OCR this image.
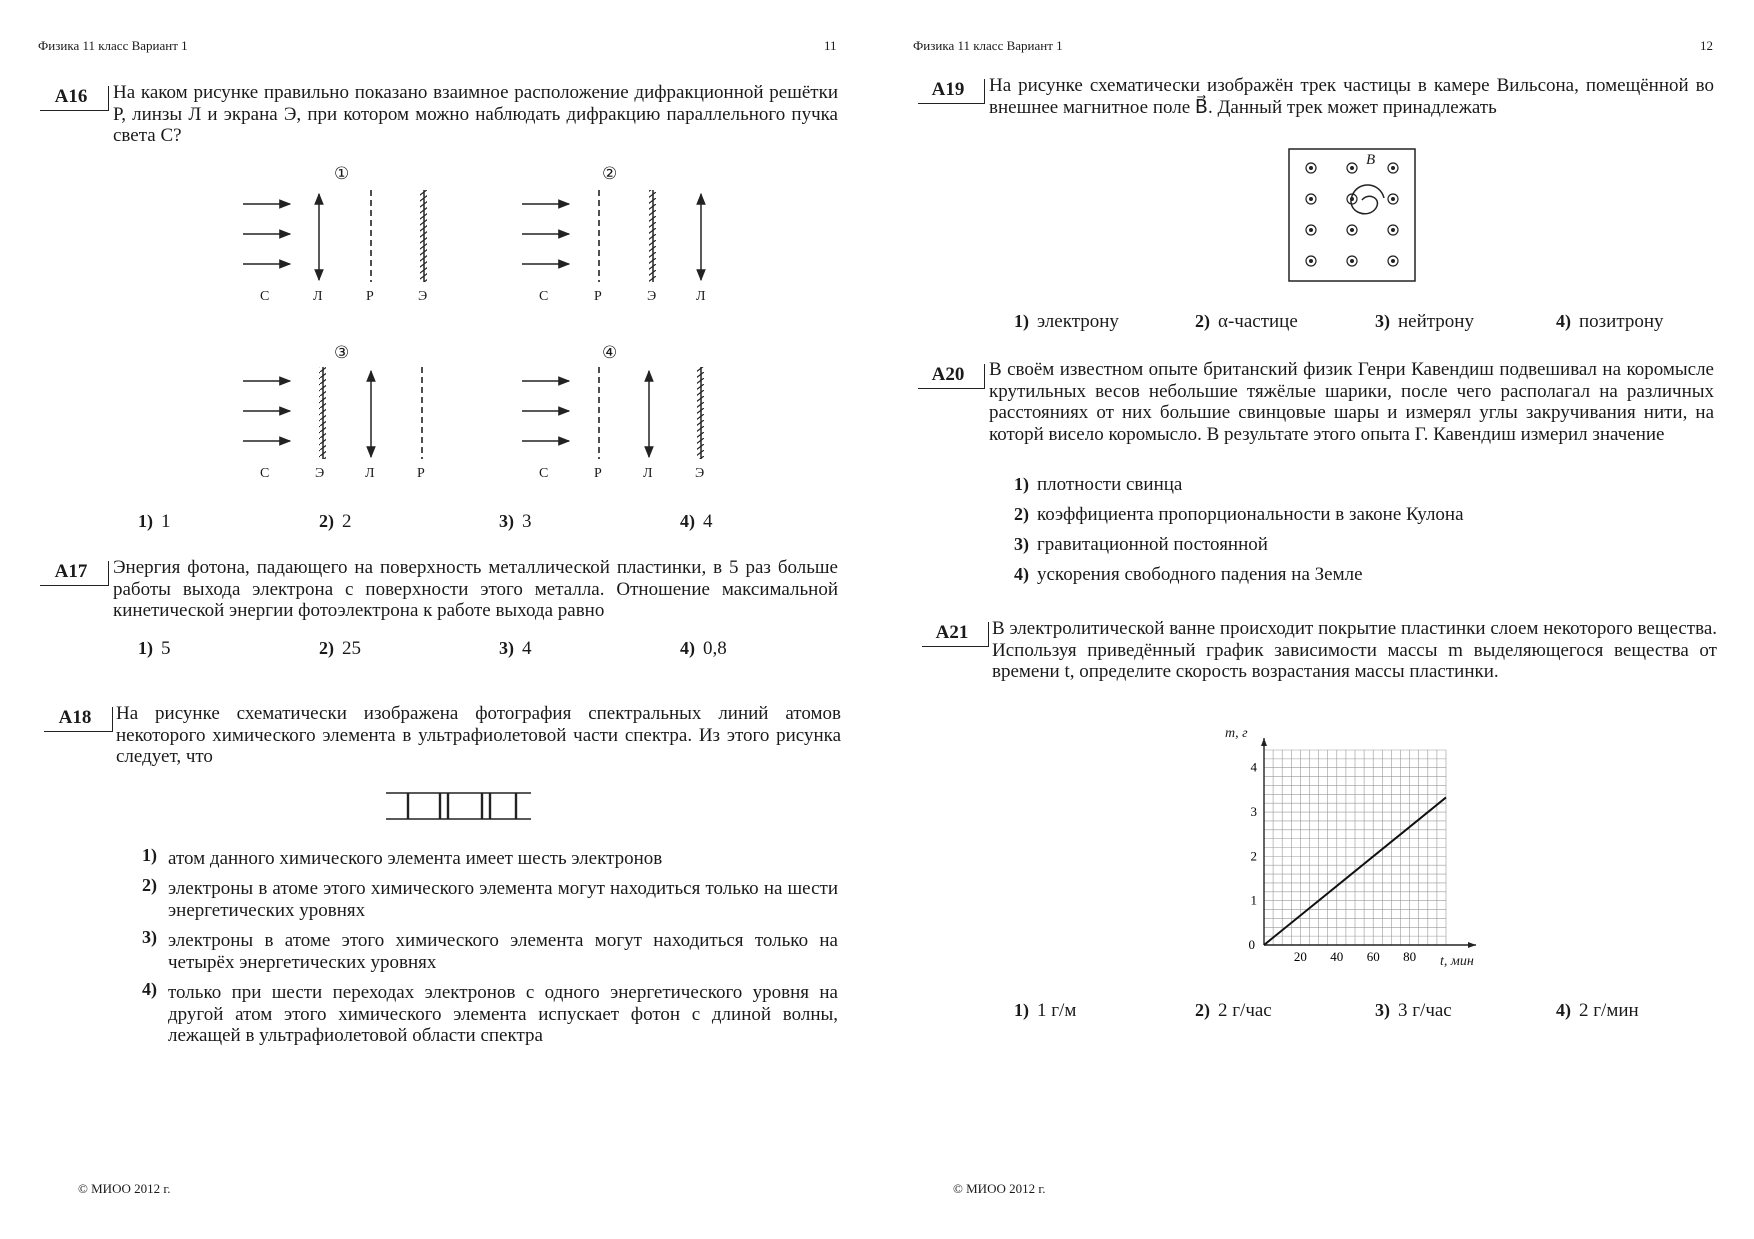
Физика 11 класс Вариант 1	11	Физика 11 класс Вариант 1	12
А16	На каком рисунке правильно показано взаимное расположение дифракционной решётки Р, линзы Л и экрана Э, при котором можно наблюдать дифракцию параллельного пучка света С?
①	②
③	④
С	Л	Р	Э	С	Р	Э	Л
С	Э	Л	Р	С	Р	Л	Э
1) 1	2) 2	3) 3	4) 4
А17	Энергия фотона, падающего на поверхность металлической пластинки, в 5 раз больше работы выхода электрона с поверхности этого металла. Отношение максимальной кинетической энергии фотоэлектрона к работе выхода равно
1) 5	2) 25	3) 4	4) 0,8
А18	На рисунке схематически изображена фотография спектральных линий атомов некоторого химического элемента в ультрафиолетовой части спектра. Из этого рисунка следует, что
1) атом данного химического элемента имеет шесть электронов
2) электроны в атоме этого химического элемента могут находиться только на шести энергетических уровнях
3) электроны в атоме этого химического элемента могут находиться только на четырёх энергетических уровнях
4) только при шести переходах электронов с одного энергетического уровня на другой атом этого химического элемента испускает фотон с длиной волны, лежащей в ультрафиолетовой области спектра
А19	На рисунке схематически изображён трек частицы в камере Вильсона, помещённой во внешнее магнитное поле B⃗. Данный трек может принадлежать
B⃗
1) электрону	2) α-частице	3) нейтрону	4) позитрону
А20	В своём известном опыте британский физик Генри Кавендиш подвешивал на коромысле крутильных весов небольшие тяжёлые шарики, после чего располагал на различных расстояниях от них большие свинцовые шары и измерял углы закручивания нити, на которй висело коромысло. В результате этого опыта Г. Кавендиш измерил значение
1) плотности свинца
2) коэффициента пропорциональности в законе Кулона
3) гравитационной постоянной
4) ускорения свободного падения на Земле
А21	В электролитической ванне происходит покрытие пластинки слоем некоторого вещества. Используя приведённый график зависимости массы m выделяющегося вещества от времени t, определите скорость возрастания массы пластинки.
m, г
t, мин
20 40 60 80
1
2
3
4
0
1) 1 г/м	2) 2 г/час	3) 3 г/час	4) 2 г/мин
© МИОО 2012 г.	© МИОО 2012 г.
